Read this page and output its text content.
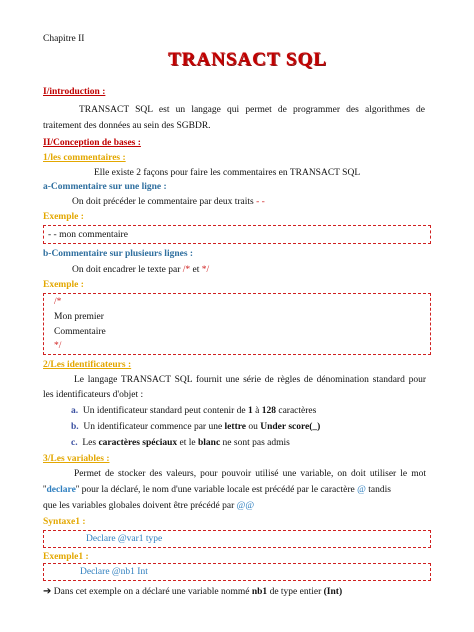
Chapitre II
TRANSACT SQL
I/introduction :
TRANSACT SQL est un langage qui permet de programmer des algorithmes de
traitement des données au sein des SGBDR.
II/Conception de bases :
1/les commentaires :
Elle existe 2 façons pour faire les commentaires en TRANSACT SQL
a-Commentaire sur une ligne :
On doit précéder le commentaire par deux traits - -
Exemple :
- - mon commentaire
b-Commentaire sur plusieurs lignes :
On doit encadrer le texte par /* et */
Exemple :
/*
Mon premier
Commentaire
*/
2/Les identificateurs :
Le langage TRANSACT SQL fournit une série de règles de dénomination standard pour
les identificateurs d'objet :
a. Un identificateur standard peut contenir de 1 à 128 caractères
b. Un identificateur commence par une lettre ou Under score(_)
c. Les caractères spéciaux et le blanc ne sont pas admis
3/Les variables :
Permet de stocker des valeurs, pour pouvoir utilisé une variable, on doit utiliser le mot
''declare'' pour la déclaré, le nom d'une variable locale est précédé par le caractère @ tandis
que les variables globales doivent être précédé par @@
Syntaxe1 :
Declare @var1 type
Exemple1 :
Declare @nb1 Int
➔ Dans cet exemple on a déclaré une variable nommé nb1 de type entier (Int)
